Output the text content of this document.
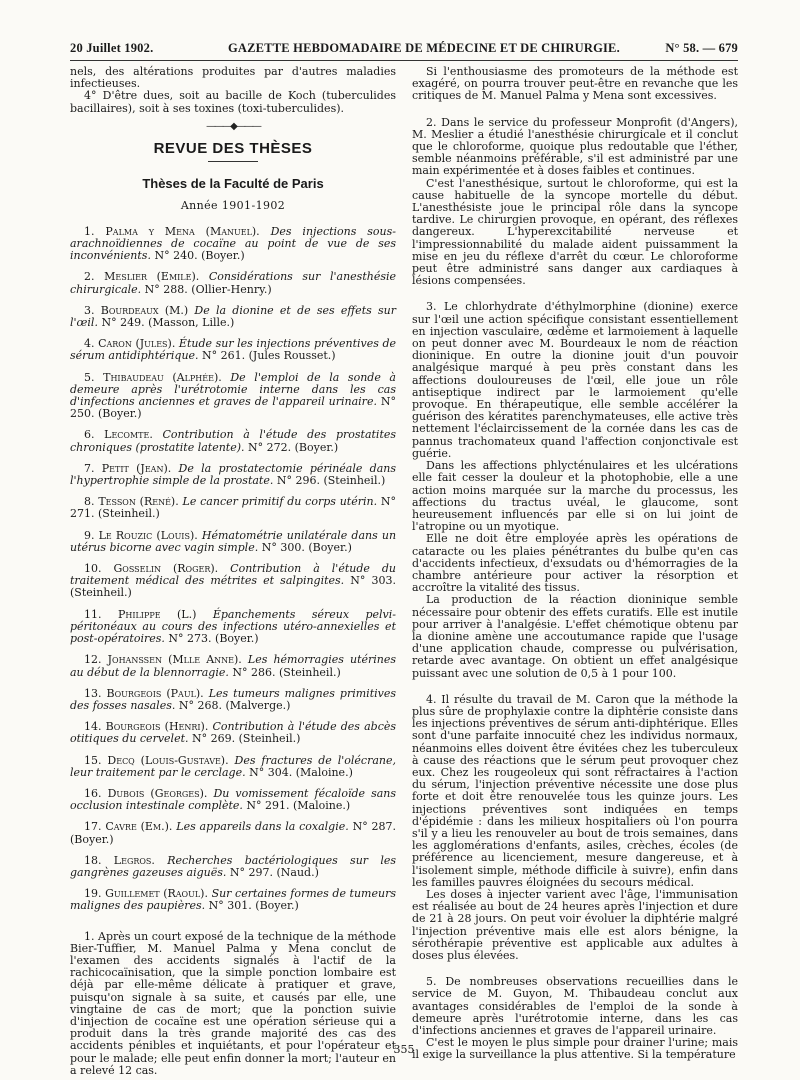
20 Juillet 1902.	GAZETTE HEBDOMADAIRE DE MÉDECINE ET DE CHIRURGIE.	N° 58. — 679

nels, des altérations produites par d'autres maladies infectieuses.

4° D'être dues, soit au bacille de Koch (tuberculides bacillaires), soit à ses toxines (toxi-tuberculides).

———◆———
REVUE DES THÈSES
Thèses de la Faculté de Paris
Année 1901-1902

1. Palma y Mena (Manuel). Des injections sous-arachnoïdiennes de cocaïne au point de vue de ses inconvénients. N° 240. (Boyer.)

2. Meslier (Emile). Considérations sur l'anesthésie chirurgicale. N° 288. (Ollier-Henry.)

3. Bourdeaux (M.) De la dionine et de ses effets sur l'œil. N° 249. (Masson, Lille.)

4. Caron (Jules). Étude sur les injections préventives de sérum antidiphtérique. N° 261. (Jules Rousset.)

5. Thibaudeau (Alphée). De l'emploi de la sonde à demeure après l'urétrotomie interne dans les cas d'infections anciennes et graves de l'appareil urinaire. N° 250. (Boyer.)

6. Lecomte. Contribution à l'étude des prostatites chroniques (prostatite latente). N° 272. (Boyer.)

7. Petit (Jean). De la prostatectomie périnéale dans l'hypertrophie simple de la prostate. N° 296. (Steinheil.)

8. Tesson (René). Le cancer primitif du corps utérin. N° 271. (Steinheil.)

9. Le Rouzic (Louis). Hématométrie unilatérale dans un utérus bicorne avec vagin simple. N° 300. (Boyer.)

10. Gosselin (Roger). Contribution à l'étude du traitement médical des métrites et salpingites. N° 303. (Steinheil.)

11. Philippe (L.) Épanchements séreux pelvi-péritonéaux au cours des infections utéro-annexielles et post-opératoires. N° 273. (Boyer.)

12. Johanssen (Mlle Anne). Les hémorragies utérines au début de la blennorragie. N° 286. (Steinheil.)

13. Bourgeois (Paul). Les tumeurs malignes primitives des fosses nasales. N° 268. (Malverge.)

14. Bourgeois (Henri). Contribution à l'étude des abcès otitiques du cervelet. N° 269. (Steinheil.)

15. Decq (Louis-Gustave). Des fractures de l'olécrane, leur traitement par le cerclage. N° 304. (Maloine.)

16. Dubois (Georges). Du vomissement fécaloïde sans occlusion intestinale complète. N° 291. (Maloine.)

17. Cavre (Em.). Les appareils dans la coxalgie. N° 287. (Boyer.)

18. Legros. Recherches bactériologiques sur les gangrènes gazeuses aiguës. N° 297. (Naud.)

19. Guillemet (Raoul). Sur certaines formes de tumeurs malignes des paupières. N° 301. (Boyer.)

1. Après un court exposé de la technique de la méthode Bier-Tuffier, M. Manuel Palma y Mena conclut de l'examen des accidents signalés à l'actif de la rachicocaïnisation, que la simple ponction lombaire est déjà par elle-même délicate à pratiquer et grave, puisqu'on signale à sa suite, et causés par elle, une vingtaine de cas de mort; que la ponction suivie d'injection de cocaïne est une opération sérieuse qui a produit dans la très grande majorité des cas des accidents pénibles et inquiétants, et pour l'opérateur et pour le malade; elle peut enfin donner la mort; l'auteur en a relevé 12 cas.

Si l'enthousiasme des promoteurs de la méthode est exagéré, on pourra trouver peut-être en revanche que les critiques de M. Manuel Palma y Mena sont excessives.

2. Dans le service du professeur Monprofit (d'Angers), M. Meslier a étudié l'anesthésie chirurgicale et il conclut que le chloroforme, quoique plus redoutable que l'éther, semble néanmoins préférable, s'il est administré par une main expérimentée et à doses faibles et continues.

C'est l'anesthésique, surtout le chloroforme, qui est la cause habituelle de la syncope mortelle du début. L'anesthésiste joue le principal rôle dans la syncope tardive. Le chirurgien provoque, en opérant, des réflexes dangereux. L'hyperexcitabilité nerveuse et l'impressionnabilité du malade aident puissamment la mise en jeu du réflexe d'arrêt du cœur. Le chloroforme peut être administré sans danger aux cardiaques à lésions compensées.

3. Le chlorhydrate d'éthylmorphine (dionine) exerce sur l'œil une action spécifique consistant essentiellement en injection vasculaire, œdème et larmoiement à laquelle on peut donner avec M. Bourdeaux le nom de réaction dioninique. En outre la dionine jouit d'un pouvoir analgésique marqué à peu près constant dans les affections douloureuses de l'œil, elle joue un rôle antiseptique indirect par le larmoiement qu'elle provoque. En thérapeutique, elle semble accélérer la guérison des kératites parenchymateuses, elle active très nettement l'éclaircissement de la cornée dans les cas de pannus trachomateux quand l'affection conjonctivale est guérie.

Dans les affections phlycténulaires et les ulcérations elle fait cesser la douleur et la photophobie, elle a une action moins marquée sur la marche du processus, les affections du tractus uvéal, le glaucome, sont heureusement influencés par elle si on lui joint de l'atropine ou un myotique.

Elle ne doit être employée après les opérations de cataracte ou les plaies pénétrantes du bulbe qu'en cas d'accidents infectieux, d'exsudats ou d'hémorragies de la chambre antérieure pour activer la résorption et accroître la vitalité des tissus.

La production de la réaction dioninique semble nécessaire pour obtenir des effets curatifs. Elle est inutile pour arriver à l'analgésie. L'effet chémotique obtenu par la dionine amène une accoutumance rapide que l'usage d'une application chaude, compresse ou pulvérisation, retarde avec avantage. On obtient un effet analgésique puissant avec une solution de 0,5 à 1 pour 100.

4. Il résulte du travail de M. Caron que la méthode la plus sûre de prophylaxie contre la diphtérie consiste dans les injections préventives de sérum anti-diphtérique. Elles sont d'une parfaite innocuité chez les individus normaux, néanmoins elles doivent être évitées chez les tuberculeux à cause des réactions que le sérum peut provoquer chez eux. Chez les rougeoleux qui sont réfractaires à l'action du sérum, l'injection préventive nécessite une dose plus forte et doit être renouvelée tous les quinze jours. Les injections préventives sont indiquées en temps d'épidémie : dans les milieux hospitaliers où l'on pourra s'il y a lieu les renouveler au bout de trois semaines, dans les agglomérations d'enfants, asiles, crèches, écoles (de préférence au licenciement, mesure dangereuse, et à l'isolement simple, méthode difficile à suivre), enfin dans les familles pauvres éloignées du secours médical.

Les doses à injecter varient avec l'âge, l'immunisation est réalisée au bout de 24 heures après l'injection et dure de 21 à 28 jours. On peut voir évoluer la diphtérie malgré l'injection préventive mais elle est alors bénigne, la sérothérapie préventive est applicable aux adultes à doses plus élevées.

5. De nombreuses observations recueillies dans le service de M. Guyon, M. Thibaudeau conclut aux avantages considérables de l'emploi de la sonde à demeure après l'urétrotomie interne, dans les cas d'infections anciennes et graves de l'appareil urinaire.

C'est le moyen le plus simple pour drainer l'urine; mais il exige la surveillance la plus attentive. Si la température

355
